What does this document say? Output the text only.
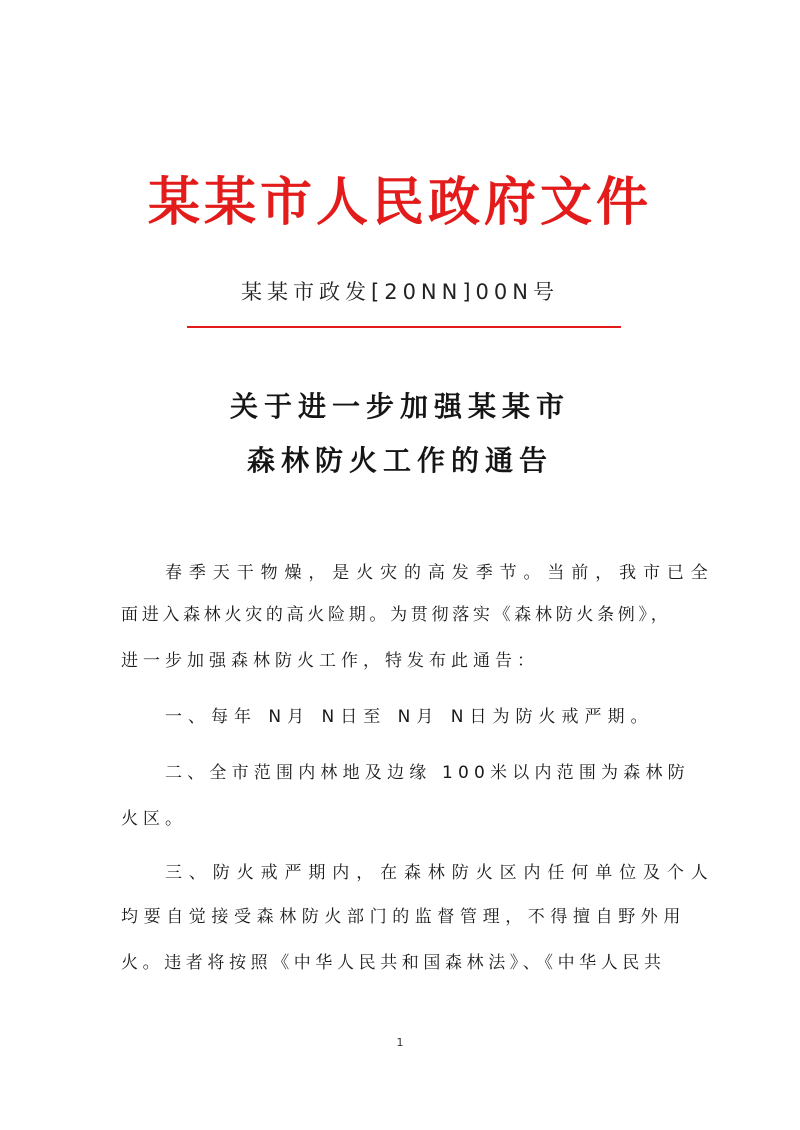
某某市人民政府文件
某某市政发[20NN]00N号
关于进一步加强某某市
森林防火工作的通告
春季天干物燥，是火灾的高发季节。当前，我市已全
面进入森林火灾的高火险期。为贯彻落实《森林防火条例》，
进一步加强森林防火工作，特发布此通告：
一、每年 N月 N日至 N月 N日为防火戒严期。
二、全市范围内林地及边缘 100米以内范围为森林防
火区。
三、防火戒严期内，在森林防火区内任何单位及个人
均要自觉接受森林防火部门的监督管理，不得擅自野外用
火。违者将按照《中华人民共和国森林法》、《中华人民共
1
